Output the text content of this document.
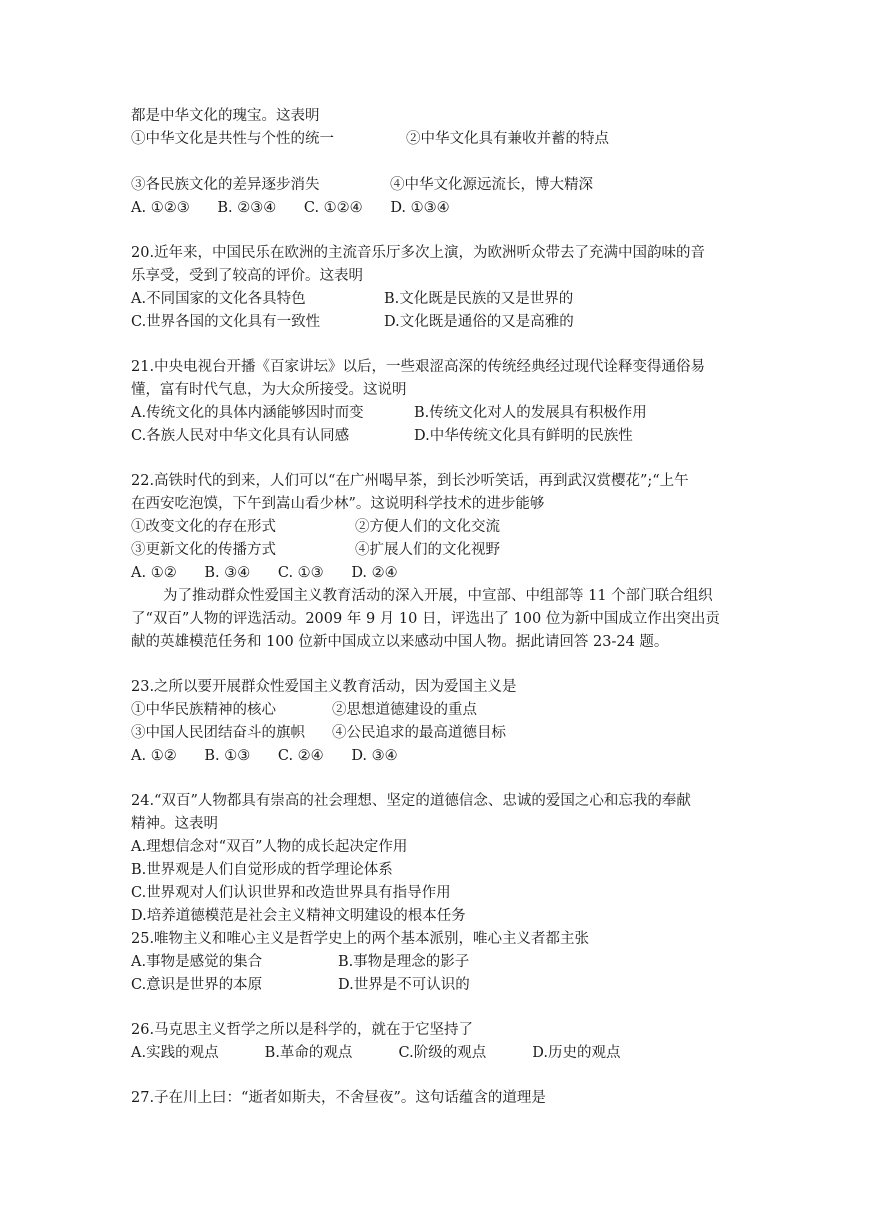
都是中华文化的瑰宝。这表明
①中华文化是共性与个性的统一	②中华文化具有兼收并蓄的特点
③各民族文化的差异逐步消失	④中华文化源远流长，博大精深
A. ①②③      B. ②③④      C. ①②④      D. ①③④
20.近年来，中国民乐在欧洲的主流音乐厅多次上演，为欧洲听众带去了充满中国韵味的音
乐享受，受到了较高的评价。这表明
A.不同国家的文化各具特色	B.文化既是民族的又是世界的
C.世界各国的文化具有一致性	D.文化既是通俗的又是高雅的
21.中央电视台开播《百家讲坛》以后，一些艰涩高深的传统经典经过现代诠释变得通俗易
懂，富有时代气息，为大众所接受。这说明
A.传统文化的具体内涵能够因时而变	B.传统文化对人的发展具有积极作用
C.各族人民对中华文化具有认同感	D.中华传统文化具有鲜明的民族性
22.高铁时代的到来，人们可以“在广州喝早茶，到长沙听笑话，再到武汉赏樱花”;“上午
在西安吃泡馍，下午到嵩山看少林”。这说明科学技术的进步能够
①改变文化的存在形式	②方便人们的文化交流
③更新文化的传播方式	④扩展人们的文化视野
A. ①②      B. ③④      C. ①③      D. ②④
为了推动群众性爱国主义教育活动的深入开展，中宣部、中组部等 11 个部门联合组织
了“双百”人物的评选活动。2009 年 9 月 10 日，评选出了 100 位为新中国成立作出突出贡
献的英雄模范任务和 100 位新中国成立以来感动中国人物。据此请回答 23-24 题。
23.之所以要开展群众性爱国主义教育活动，因为爱国主义是
①中华民族精神的核心	②思想道德建设的重点
③中国人民团结奋斗的旗帜 ④公民追求的最高道德目标
A. ①②      B. ①③      C. ②④      D. ③④
24.“双百”人物都具有崇高的社会理想、坚定的道德信念、忠诚的爱国之心和忘我的奉献
精神。这表明
A.理想信念对“双百”人物的成长起决定作用
B.世界观是人们自觉形成的哲学理论体系
C.世界观对人们认识世界和改造世界具有指导作用
D.培养道德模范是社会主义精神文明建设的根本任务
25.唯物主义和唯心主义是哲学史上的两个基本派别，唯心主义者都主张
A.事物是感觉的集合	B.事物是理念的影子
C.意识是世界的本原	D.世界是不可认识的
26.马克思主义哲学之所以是科学的，就在于它坚持了
A.实践的观点          B.革命的观点          C.阶级的观点          D.历史的观点
27.子在川上曰：“逝者如斯夫，不舍昼夜”。这句话蕴含的道理是
